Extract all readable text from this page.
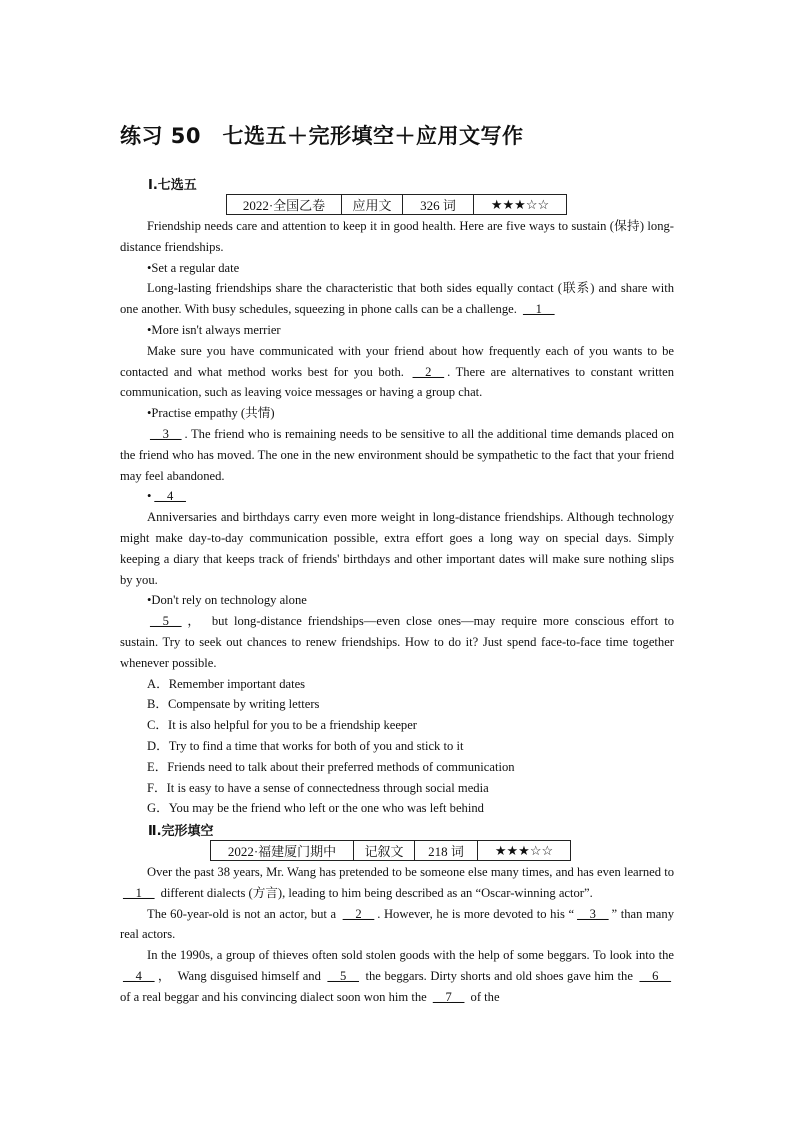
练习 50　七选五＋完形填空＋应用文写作
Ⅰ.七选五
2022·全国乙卷	应用文	326 词	★★★☆☆

Friendship needs care and attention to keep it in good health. Here are five ways to sustain (保持) long-distance friendships.

•Set a regular date

Long-lasting friendships share the characteristic that both sides equally contact (联系) and share with one another. With busy schedules, squeezing in phone calls can be a challenge. __1__

•More isn't always merrier

Make sure you have communicated with your friend about how frequently each of you wants to be contacted and what method works best for you both. __2__ . There are alternatives to constant written communication, such as leaving voice messages or having a group chat.

•Practise empathy (共情)

__3__ . The friend who is remaining needs to be sensitive to all the additional time demands placed on the friend who has moved. The one in the new environment should be sympathetic to the fact that your friend may feel abandoned.

• __4__

Anniversaries and birthdays carry even more weight in long-distance friendships. Although technology might make day-to-day communication possible, extra effort goes a long way on special days. Simply keeping a diary that keeps track of friends' birthdays and other important dates will make sure nothing slips by you.

•Don't rely on technology alone

__5__ ，　but long-distance friendships—even close ones—may require more conscious effort to sustain. Try to seek out chances to renew friendships. How to do it? Just spend face-to-face time together whenever possible.

A．Remember important dates

B．Compensate by writing letters

C．It is also helpful for you to be a friendship keeper

D．Try to find a time that works for both of you and stick to it

E．Friends need to talk about their preferred methods of communication

F．It is easy to have a sense of connectedness through social media

G．You may be the friend who left or the one who was left behind

Ⅱ.完形填空
2022·福建厦门期中	记叙文	218 词	★★★☆☆

Over the past 38 years, Mr. Wang has pretended to be someone else many times, and has even learned to __1__ different dialects (方言), leading to him being described as an “Oscar-winning actor”.

The 60-year-old is not an actor, but a __2__ . However, he is more devoted to his “ __3__ ” than many real actors.

In the 1990s, a group of thieves often sold stolen goods with the help of some beggars. To look into the __4__ ，　Wang disguised himself and __5__ the beggars. Dirty shorts and old shoes gave him the __6__ of a real beggar and his convincing dialect soon won him the __7__ of the
